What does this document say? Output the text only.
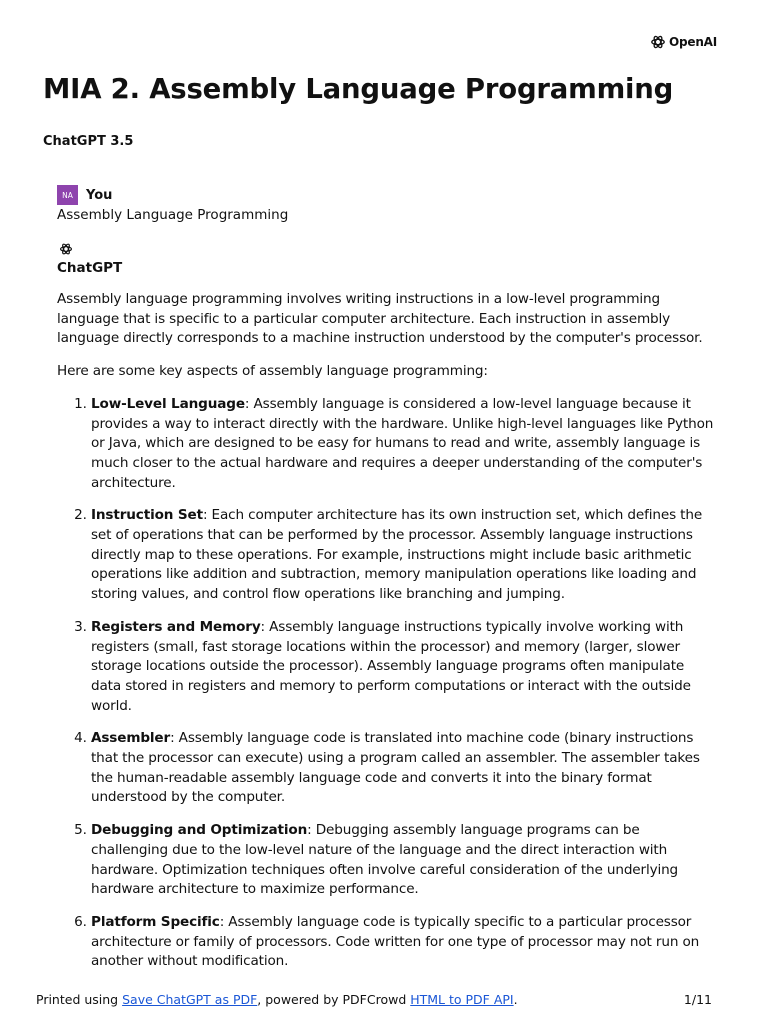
OpenAI
MIA 2. Assembly Language Programming
ChatGPT 3.5
NA You
Assembly Language Programming
ChatGPT

Assembly language programming involves writing instructions in a low-level programming language that is specific to a particular computer architecture. Each instruction in assembly language directly corresponds to a machine instruction understood by the computer's processor.

Here are some key aspects of assembly language programming:

1. Low-Level Language: Assembly language is considered a low-level language because it provides a way to interact directly with the hardware. Unlike high-level languages like Python or Java, which are designed to be easy for humans to read and write, assembly language is much closer to the actual hardware and requires a deeper understanding of the computer's architecture.
2. Instruction Set: Each computer architecture has its own instruction set, which defines the set of operations that can be performed by the processor. Assembly language instructions directly map to these operations. For example, instructions might include basic arithmetic operations like addition and subtraction, memory manipulation operations like loading and storing values, and control flow operations like branching and jumping.
3. Registers and Memory: Assembly language instructions typically involve working with registers (small, fast storage locations within the processor) and memory (larger, slower storage locations outside the processor). Assembly language programs often manipulate data stored in registers and memory to perform computations or interact with the outside world.
4. Assembler: Assembly language code is translated into machine code (binary instructions that the processor can execute) using a program called an assembler. The assembler takes the human-readable assembly language code and converts it into the binary format understood by the computer.
5. Debugging and Optimization: Debugging assembly language programs can be challenging due to the low-level nature of the language and the direct interaction with hardware. Optimization techniques often involve careful consideration of the underlying hardware architecture to maximize performance.
6. Platform Specific: Assembly language code is typically specific to a particular processor architecture or family of processors. Code written for one type of processor may not run on another without modification.
Printed using Save ChatGPT as PDF, powered by PDFCrowd HTML to PDF API.	1/11
